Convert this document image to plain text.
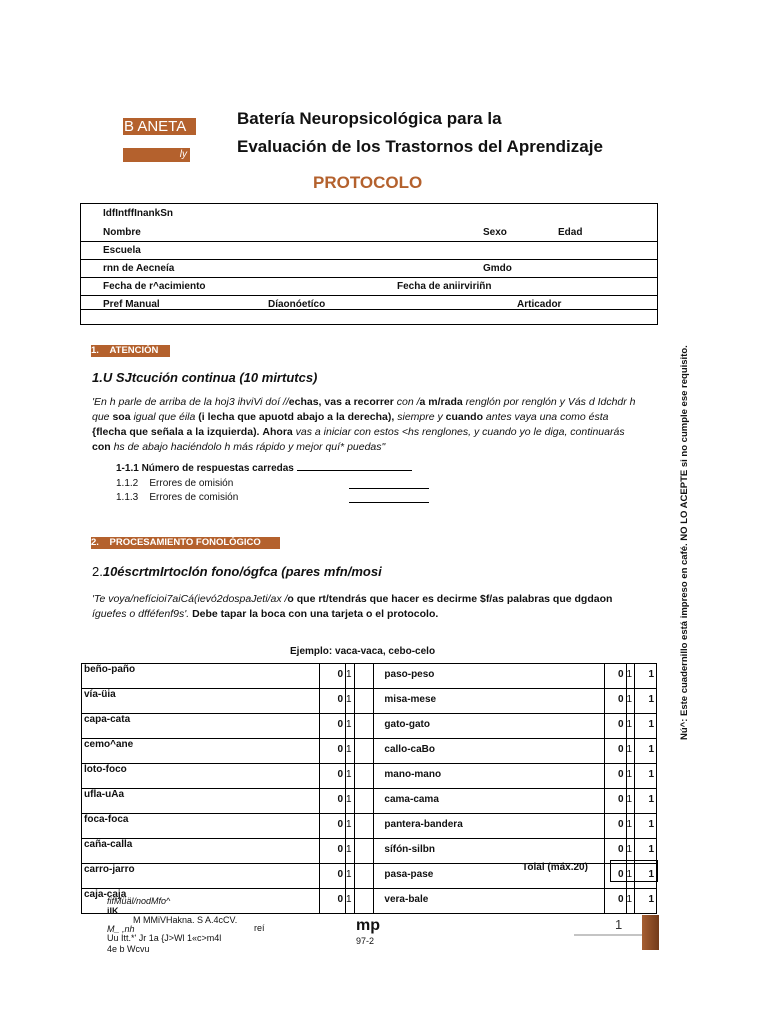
B ANETA
ly
Batería Neuropsicológica para la
Evaluación de los Trastornos del Aprendizaje
PROTOCOLO
IdfIntffInankSn
Nombre	Sexo	Edad
Escuela
rnn de Aecneía	Gmdo
Fecha de r^acimiento	Fecha de aniirviriñn
Pref Manual	Díaonóetíco	Articador
Nú^: Este cuadernillo está impreso en café. NO LO ACEPTE si no cumple ese requisito.
1. ATENCIÓN
1.U SJtcución continua (10 mirtutcs)
'En h parle de arriba de la hoj3 ihviVi doí //echas, vas a recorrer con /a m/rada renglón por renglón y Vás d Idchdr h que soa igual que éila (i lecha que apuotd abajo a la derecha), siempre y cuando antes vaya una como ésta {flecha que señala a la izquierda). Ahora vas a iniciar con estos <hs renglones, y cuando yo le diga, continuarás con hs de abajo haciéndolo h más rápido y mejor quí* puedas"
1-1.1 Número de respuestas carredas
1.1.2 Errores de omisión
1.1.3 Errores de comisión
2. PROCESAMIENTO FONOLÓGICO
2.10éscrtmIrtoclón fono/ógfca (pares mfn/mosi
'Te voya/nefícioi7aiCá(ievó2dospaJeti/ax /o que rt/tendrás que hacer es decirme $f/as palabras que dgdaon
íguefes o dfféfenf9s'. Debe tapar la boca con una tarjeta o el protocolo.
Ejemplo: vaca-vaca, cebo-celo
beño-paño	0	1		paso-peso	0	1	1
vía-üia	0	1		misa-mese	0	1	1
capa-cata	0	1		gato-gato	0	1	1
cemo^ane	0	1		callo-caBo	0	1	1
loto-foco	0	1		mano-mano	0	1	1
ufla-uAa	0	1		cama-cama	0	1	1
foca-foca	0	1		pantera-bandera	0	1	1
caña-calla	0	1		sífón-silbn	0	1	1
carro-jarro	0	1		pasa-pase	0	1	1
caja-caja	0	1		vera-bale	0	1	1
Tolal (máx.20)
fifMüäl/nodMfo^
iIK
M MMiVHakna. S A.4cCV.
M_ ,nh	reí
Uu Itt.*' Jr 1a {J>Wl 1«c>m4l
4e b Wcvu
mp
97-2
1
